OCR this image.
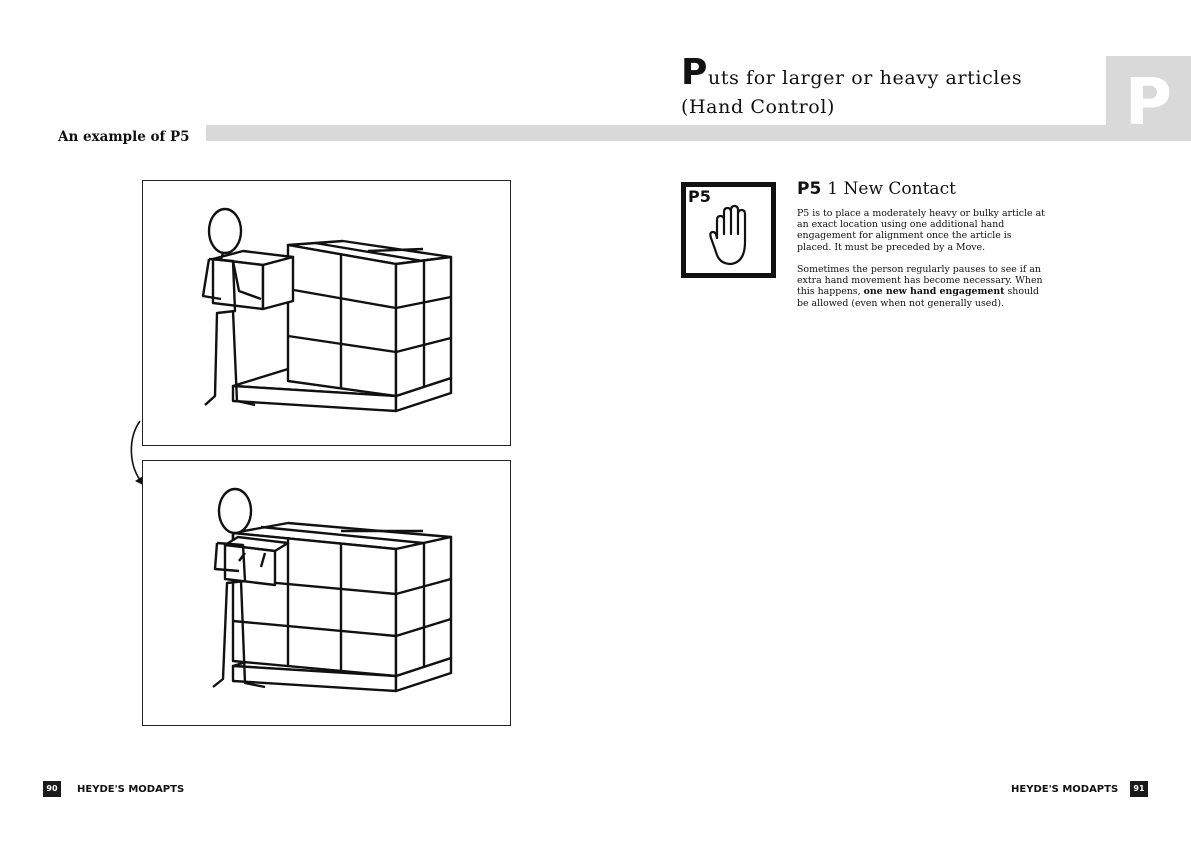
P
Puts for larger or heavy articles
(Hand Control)
An example of P5
P5	P5 1 New Contact
P5 is to place a moderately heavy or bulky article at an exact location using one additional hand engagement for alignment once the article is placed. It must be preceded by a Move.
Sometimes the person regularly pauses to see if an extra hand movement has become necessary. When this happens, one new hand engagement should be allowed (even when not generally used).
90	HEYDE'S MODAPTS	HEYDE'S MODAPTS	91
